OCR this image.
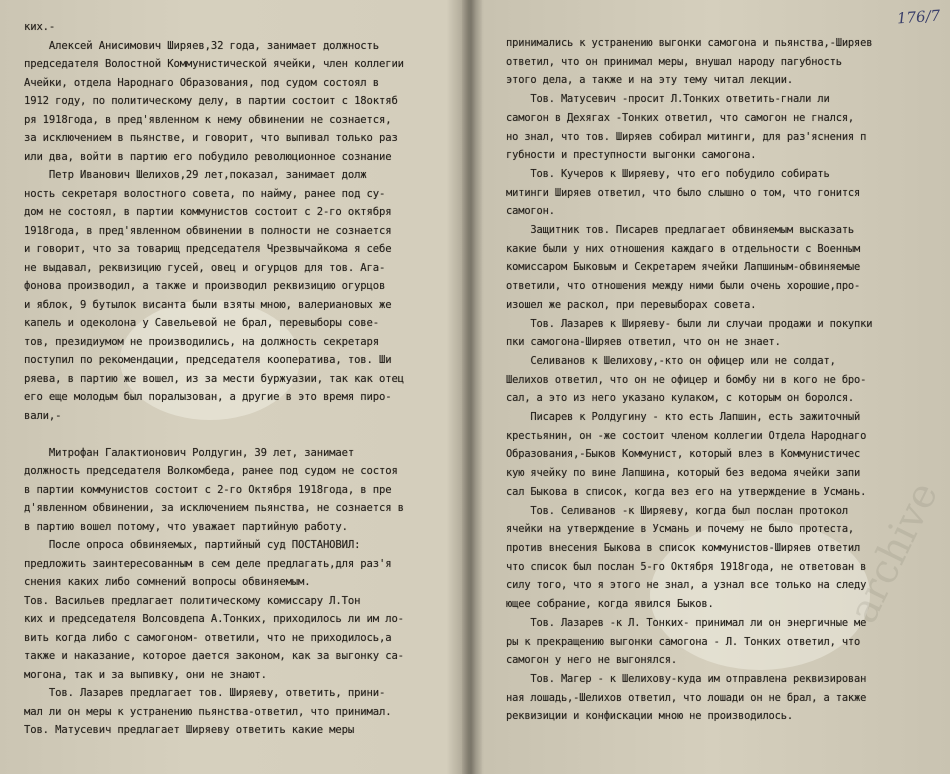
ких.-
Алексей Анисимович Ширяев,32 года, занимает должность
председателя Волостной Коммунистической ячейки, член коллегии
Ачейки, отдела Народнаго Образования, под судом состоял в
1912 году, по политическому делу, в партии состоит с 18октяб
ря 1918года, в пред'явленном к нему обвинении не сознается,
за исключением в пьянстве, и говорит, что выпивал только раз
или два, войти в партию его побудило революционное сознание
Петр Иванович Шелихов,29 лет,показал, занимает долж
ность секретаря волостного совета, по найму, ранее под су-
дом не состоял, в партии коммунистов состоит с 2-го октября
1918года, в пред'явленном обвинении в полности не сознается
и говорит, что за товарищ председателя Чрезвычайкома я себе
не выдавал, реквизицию гусей, овец и огурцов для тов. Ага-
фонова производил, а также и производил реквизицию огурцов
и яблок, 9 бутылок висанта были взяты мною, валериановых же
капель и одеколона у Савельевой не брал, перевыборы сове-
тов, президиумом не производились, на должность секретаря
поступил по рекомендации, председателя кооператива, тов. Ши
ряева, в партию же вошел, из за мести буржуазии, так как отец
его еще молодым был поралызован, а другие в это время пиро-
вали,-

Митрофан Галактионович Ролдугин, 39 лет, занимает
должность председателя Волкомбеда, ранее под судом не состоя
в партии коммунистов состоит с 2-го Октября 1918года, в пре
д'явленном обвинении, за исключением пьянства, не сознается в
в партию вошел потому, что уважает партийную работу.
После опроса обвиняемых, партийный суд ПОСТАНОВИЛ:
предложить заинтересованным в сем деле предлагать,для раз'я
снения каких либо сомнений вопросы обвиняемым.
Тов. Васильев предлагает политическому комиссару Л.Тон
ких и председателя Волсовдепа А.Тонких, приходилось ли им ло-
вить когда либо с самогоном- ответили, что не приходилось,а
также и наказание, которое дается законом, как за выгонку са-
могона, так и за выпивку, они не знают.
Тов. Лазарев предлагает тов. Ширяеву, ответить, прини-
мал ли он меры к устранению пьянства-ответил, что принимал.
Тов. Матусевич предлагает Ширяеву ответить какие меры
176/7
принимались к устранению выгонки самогона и пьянства,-Ширяев
ответил, что он принимал меры, внушал народу пагубность
этого дела, а также и на эту тему читал лекции.
Тов. Матусевич -просит Л.Тонких ответить-гнали ли
самогон в Дехягах -Тонких ответил, что самогон не гнался,
но знал, что тов. Ширяев собирал митинги, для раз'яснения п
губности и преступности выгонки самогона.
Тов. Кучеров к Ширяеву, что его побудило собирать
митинги Ширяев ответил, что было слышно о том, что гонится
самогон.
Защитник тов. Писарев предлагает обвиняемым высказать
какие были у них отношения каждаго в отдельности с Военным
комиссаром Быковым и Секретарем ячейки Лапшиным-обвиняемые
ответили, что отношения между ними были очень хорошие,про-
изошел же раскол, при перевыборах совета.
Тов. Лазарев к Ширяеву- были ли случаи продажи и покупки
пки самогона-Ширяев ответил, что он не знает.
Селиванов к Шелихову,-кто он офицер или не солдат,
Шелихов ответил, что он не офицер и бомбу ни в кого не бро-
сал, а это из него указано кулаком, с которым он боролся.
Писарев к Ролдугину - кто есть Лапшин, есть зажиточный
крестьянин, он -же состоит членом коллегии Отдела Народнаго
Образования,-Быков Коммунист, который влез в Коммунистичес
кую ячейку по вине Лапшина, который без ведома ячейки запи
сал Быкова в список, когда вез его на утверждение в Усмань.
Тов. Селиванов -к Ширяеву, когда был послан протокол
ячейки на утверждение в Усмань и почему не было протеста,
против внесения Быкова в список коммунистов-Ширяев ответил
что список был послан 5-го Октября 1918года, не ответован в
силу того, что я этого не знал, а узнал все только на следу
ющее собрание, когда явился Быков.
Тов. Лазарев -к Л. Тонких- принимал ли он энергичные ме
ры к прекращению выгонки самогона - Л. Тонких ответил, что
самогон у него не выгонялся.
Тов. Магер - к Шелихову-куда им отправлена реквизирован
ная лошадь,-Шелихов ответил, что лошади он не брал, а также
реквизиции и конфискации мною не производилось.
archive
